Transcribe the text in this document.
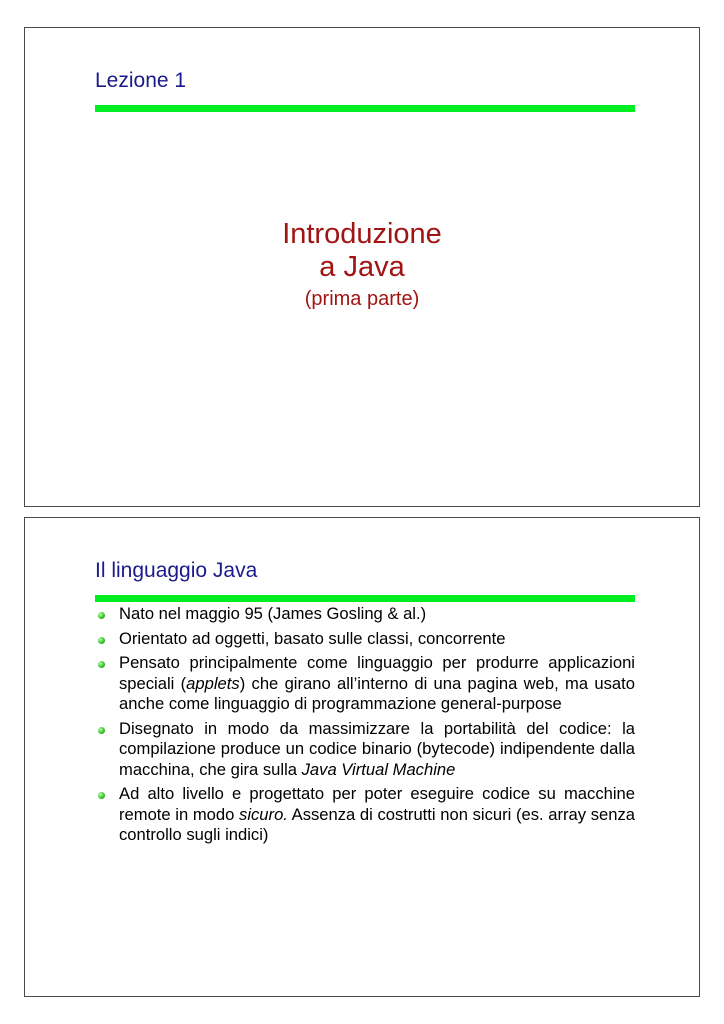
Lezione 1
Introduzione
a Java
(prima parte)
Il linguaggio Java
Nato nel maggio 95 (James Gosling & al.)
Orientato ad oggetti, basato sulle classi, concorrente
Pensato principalmente come linguaggio per produrre applicazioni speciali (applets) che girano all’interno di una pagina web, ma usato anche come linguaggio di programmazione general-purpose
Disegnato in modo da massimizzare la portabilità del codice: la compilazione produce un codice binario (bytecode) indipendente dalla macchina, che gira sulla Java Virtual Machine
Ad alto livello e progettato per poter eseguire codice su macchine remote in modo sicuro. Assenza di costrutti non sicuri (es. array senza controllo sugli indici)
